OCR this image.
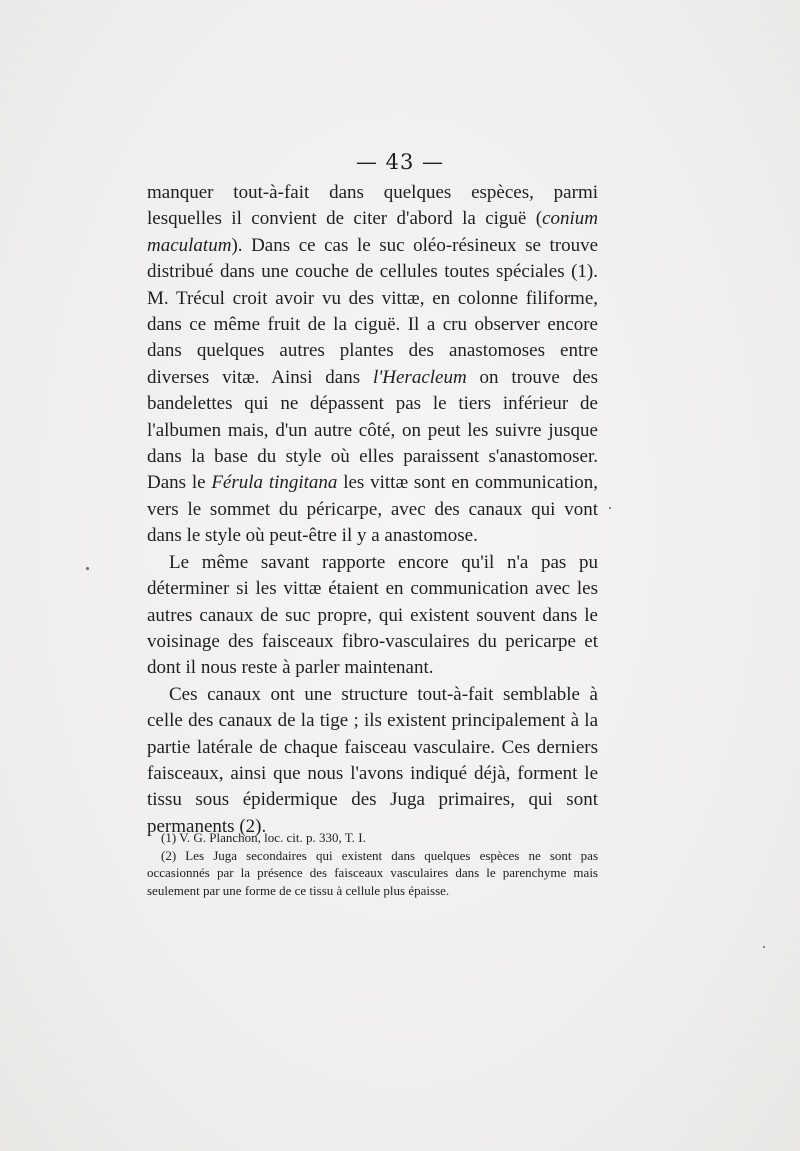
— 43 —

manquer tout-à-fait dans quelques espèces, parmi lesquelles il convient de citer d'abord la ciguë (conium maculatum). Dans ce cas le suc oléo-résineux se trouve distribué dans une couche de cellules toutes spéciales (1). M. Trécul croit avoir vu des vittæ, en colonne filiforme, dans ce même fruit de la ciguë. Il a cru observer encore dans quelques autres plantes des anastomoses entre diverses vitæ. Ainsi dans l'Heracleum on trouve des bandelettes qui ne dépassent pas le tiers inférieur de l'albumen mais, d'un autre côté, on peut les suivre jusque dans la base du style où elles paraissent s'anastomoser. Dans le Férula tingitana les vittæ sont en communication, vers le sommet du péricarpe, avec des canaux qui vont dans le style où peut-être il y a anastomose.

Le même savant rapporte encore qu'il n'a pas pu déterminer si les vittæ étaient en communication avec les autres canaux de suc propre, qui existent souvent dans le voisinage des faisceaux fibro-vasculaires du pericarpe et dont il nous reste à parler maintenant.

Ces canaux ont une structure tout-à-fait semblable à celle des canaux de la tige ; ils existent principalement à la partie latérale de chaque faisceau vasculaire. Ces derniers faisceaux, ainsi que nous l'avons indiqué déjà, forment le tissu sous épidermique des Juga primaires, qui sont permanents (2).

(1) V. G. Planchon, loc. cit. p. 330, T. I.

(2) Les Juga secondaires qui existent dans quelques espèces ne sont pas occasionnés par la présence des faisceaux vasculaires dans le parenchyme mais seulement par une forme de ce tissu à cellule plus épaisse.
